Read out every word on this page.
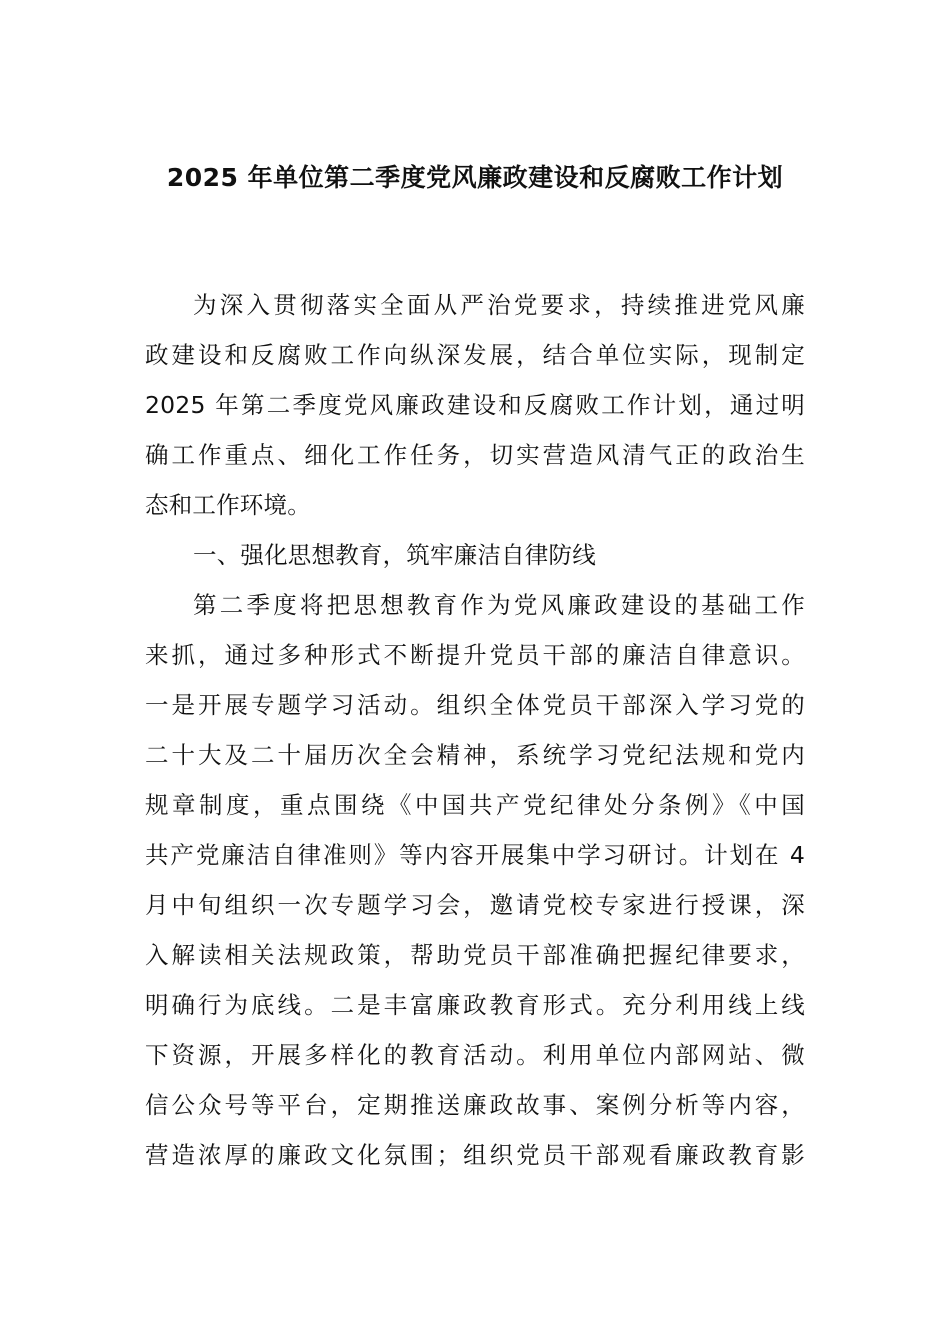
2025 年单位第二季度党风廉政建设和反腐败工作计划
为深入贯彻落实全面从严治党要求，持续推进党风廉
政建设和反腐败工作向纵深发展，结合单位实际，现制定
2025 年第二季度党风廉政建设和反腐败工作计划，通过明
确工作重点、细化工作任务，切实营造风清气正的政治生
态和工作环境。
一、强化思想教育，筑牢廉洁自律防线
第二季度将把思想教育作为党风廉政建设的基础工作
来抓，通过多种形式不断提升党员干部的廉洁自律意识。
一是开展专题学习活动。组织全体党员干部深入学习党的
二十大及二十届历次全会精神，系统学习党纪法规和党内
规章制度，重点围绕《中国共产党纪律处分条例》《中国
共产党廉洁自律准则》等内容开展集中学习研讨。计划在 4
月中旬组织一次专题学习会，邀请党校专家进行授课，深
入解读相关法规政策，帮助党员干部准确把握纪律要求，
明确行为底线。二是丰富廉政教育形式。充分利用线上线
下资源，开展多样化的教育活动。利用单位内部网站、微
信公众号等平台，定期推送廉政故事、案例分析等内容，
营造浓厚的廉政文化氛围；组织党员干部观看廉政教育影
